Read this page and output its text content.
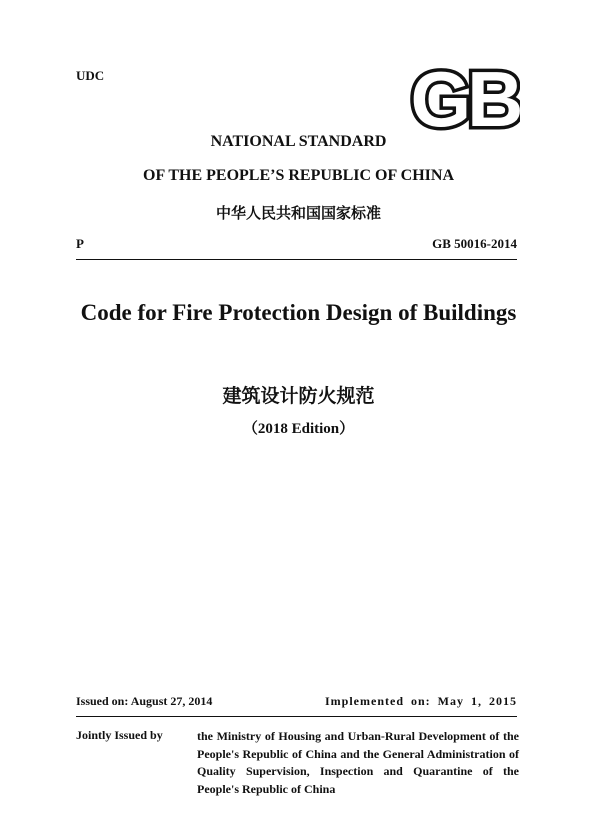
UDC	GB
NATIONAL STANDARD
OF THE PEOPLE’S REPUBLIC OF CHINA
中华人民共和国国家标准
P	GB 50016-2014
Code for Fire Protection Design of Buildings
建筑设计防火规范
（2018 Edition）
Issued on: August 27, 2014	Implemented on: May 1, 2015
Jointly Issued by	the Ministry of Housing and Urban-Rural Development of the People's Republic of China and the General Administration of Quality Supervision, Inspection and Quarantine of the People's Republic of China
